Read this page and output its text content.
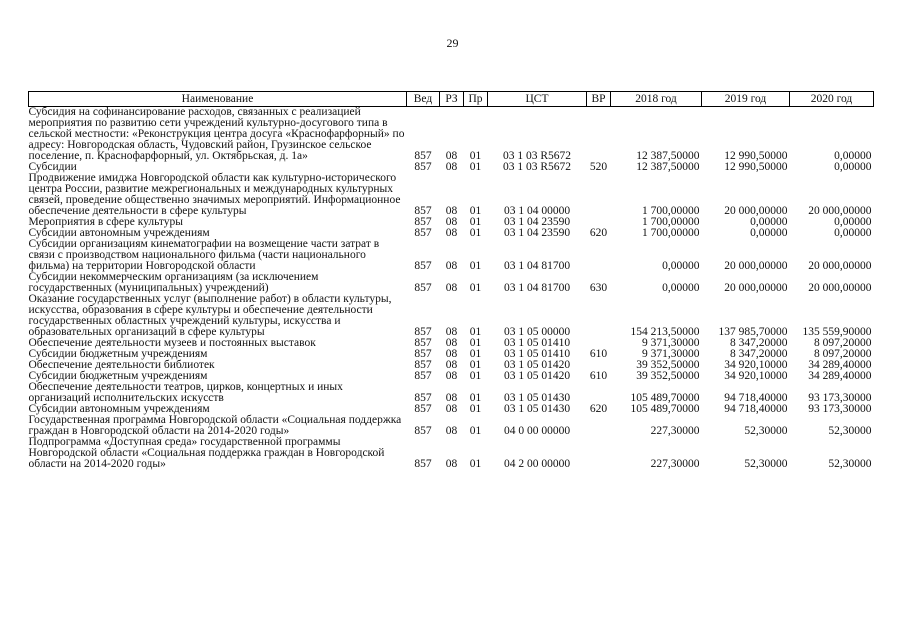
29
Наименование	Вед	РЗ	Пр	ЦСТ	ВР	2018 год	2019 год	2020 год
Субсидия на софинансирование расходов, связанных с реализацией мероприятия по развитию сети учреждений культурно-досугового типа в сельской местности: «Реконструкция центра досуга «Краснофарфорный» по адресу: Новгородская область, Чудовский район, Грузинское сельское поселение, п. Краснофарфорный, ул. Октябрьская, д. 1а»	857	08	01	03 1 03 R5672		12 387,50000	12 990,50000	0,00000
Субсидии	857	08	01	03 1 03 R5672	520	12 387,50000	12 990,50000	0,00000
Продвижение имиджа Новгородской области как культурно-исторического центра России, развитие межрегиональных и международных культурных связей, проведение общественно значимых мероприятий. Информационное обеспечение деятельности в сфере культуры	857	08	01	03 1 04 00000		1 700,00000	20 000,00000	20 000,00000
Мероприятия в сфере культуры	857	08	01	03 1 04 23590		1 700,00000	0,00000	0,00000
Субсидии автономным учреждениям	857	08	01	03 1 04 23590	620	1 700,00000	0,00000	0,00000
Субсидии организациям кинематографии на возмещение части затрат в связи с производством национального фильма (части национального фильма) на территории Новгородской области	857	08	01	03 1 04 81700		0,00000	20 000,00000	20 000,00000
Субсидии некоммерческим организациям (за исключением государственных (муниципальных) учреждений)	857	08	01	03 1 04 81700	630	0,00000	20 000,00000	20 000,00000
Оказание государственных услуг (выполнение работ) в области культуры, искусства, образования в сфере культуры и обеспечение деятельности государственных областных учреждений культуры, искусства и образовательных организаций в сфере культуры	857	08	01	03 1 05 00000		154 213,50000	137 985,70000	135 559,90000
Обеспечение деятельности музеев и постоянных выставок	857	08	01	03 1 05 01410		9 371,30000	8 347,20000	8 097,20000
Субсидии бюджетным учреждениям	857	08	01	03 1 05 01410	610	9 371,30000	8 347,20000	8 097,20000
Обеспечение деятельности библиотек	857	08	01	03 1 05 01420		39 352,50000	34 920,10000	34 289,40000
Субсидии бюджетным учреждениям	857	08	01	03 1 05 01420	610	39 352,50000	34 920,10000	34 289,40000
Обеспечение деятельности театров, цирков, концертных и иных организаций исполнительских искусств	857	08	01	03 1 05 01430		105 489,70000	94 718,40000	93 173,30000
Субсидии автономным учреждениям	857	08	01	03 1 05 01430	620	105 489,70000	94 718,40000	93 173,30000
Государственная программа Новгородской области «Социальная поддержка граждан в Новгородской области на 2014-2020 годы»	857	08	01	04 0 00 00000		227,30000	52,30000	52,30000
Подпрограмма «Доступная среда» государственной программы Новгородской области «Социальная поддержка граждан в Новгородской области на 2014-2020 годы»	857	08	01	04 2 00 00000		227,30000	52,30000	52,30000
